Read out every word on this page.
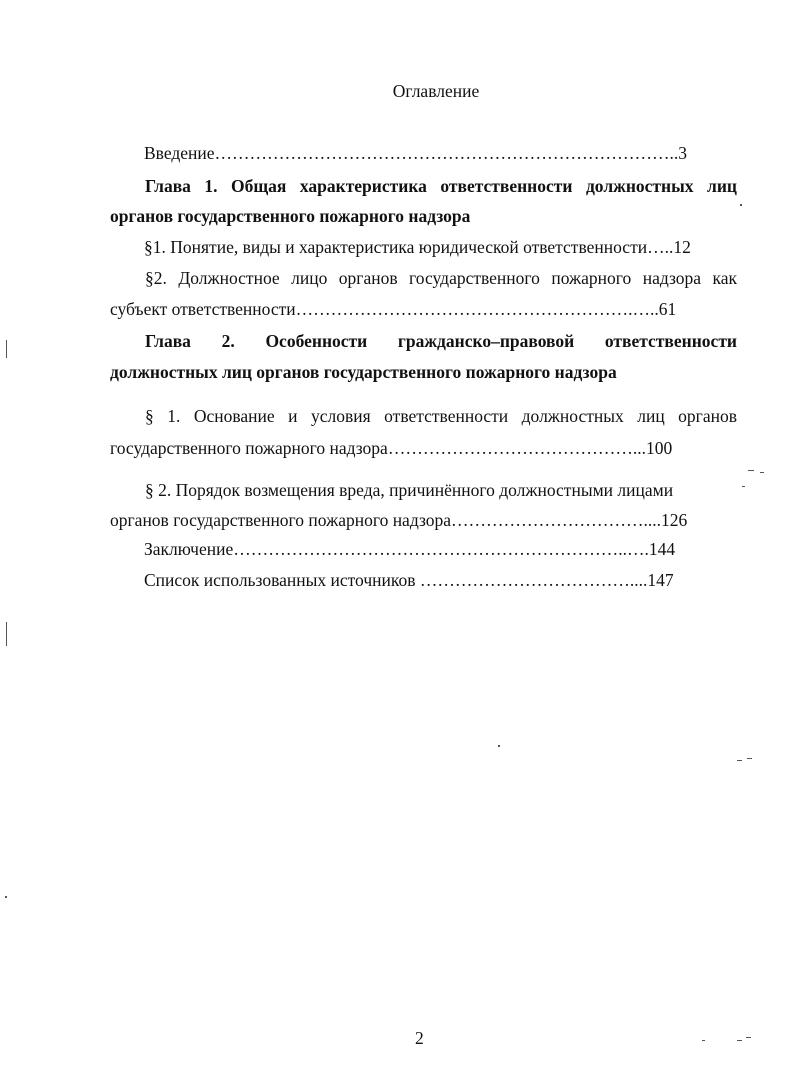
Оглавление
Введение……………………………………………………………………..3
Глава 1. Общая характеристика ответственности должностных лиц
органов государственного пожарного надзора
§1. Понятие, виды и характеристика юридической ответственности…..12
§2. Должностное лицо органов государственного пожарного надзора как
субъект ответственности………………………………………………….…..61
Глава 2. Особенности гражданско–правовой ответственности
должностных лиц органов государственного пожарного надзора
§ 1. Основание и условия ответственности должностных лиц органов
государственного пожарного надзора……………………………………...100
§ 2. Порядок возмещения вреда, причинённого должностными лицами
органов государственного пожарного надзора……………………………....126
Заключение…………………………………………………………..….144
Список использованных источников ………………………………....147
2
